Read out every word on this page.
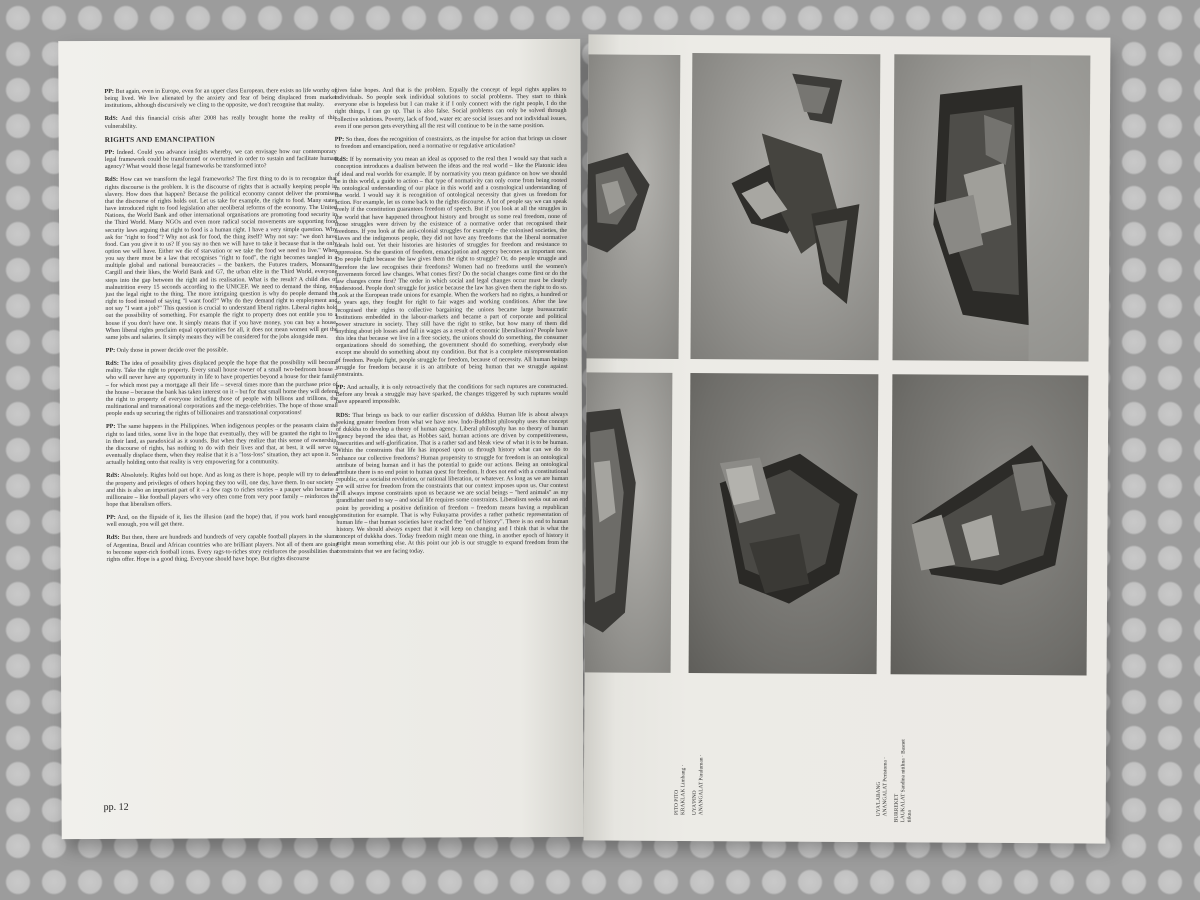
PP: But again, even in Europe, even for an upper class European, there exists no life worthy of being lived. We live alienated by the anxiety and fear of being displaced from market institutions, although discursively we cling to the opposite, we don't recognise that reality.

RdS: And this financial crisis after 2008 has really brought home the reality of this vulnerability.

RIGHTS AND EMANCIPATION

PP: Indeed. Could you advance insights whereby, we can envisage how our contemporary legal framework could be transformed or overturned in order to sustain and facilitate human agency? What would those legal frameworks be transformed into?

RdS: How can we transform the legal frameworks? The first thing to do is to recognize that rights discourse is the problem. It is the discourse of rights that is actually keeping people in slavery. How does that happen? Because the political economy cannot deliver the promises that the discourse of rights holds out. Let us take for example, the right to food. Many states have introduced right to food legislation after neoliberal reforms of the economy. The United Nations, the World Bank and other international organisations are promoting food security in the Third World. Many NGOs and even more radical social movements are supporting food security laws arguing that right to food is a human right. I have a very simple question. Why ask for "right to food"? Why not ask for food, the thing itself? Why not say: "we don't have food. Can you give it to us? If you say no then we will have to take it because that is the only option we will have. Either we die of starvation or we take the food we need to live." When you say there must be a law that recognises "right to food", the right becomes tangled in a multiple global and national bureaucracies – the bankers, the Futures traders, Monsanto, Cargill and their likes, the World Bank and G7, the urban elite in the Third World, everyone steps into the gap between the right and its realisation. What is the result? A child dies of malnutrition every 15 seconds according to the UNICEF. We need to demand the thing, not just the legal right to the thing. The more intriguing question is why do people demand the right to food instead of saying "I want food?" Why do they demand right to employment and not say "I want a job?" This question is crucial to understand liberal rights. Liberal rights hold out the possibility of something. For example the right to property does not entitle you to a house if you don't have one. It simply means that if you have money, you can buy a house. When liberal rights proclaim equal opportunities for all, it does not mean women will get the same jobs and salaries. It simply means they will be considered for the jobs alongside men.

PP: Only those in power decide over the possible.

RdS: The idea of possibility gives displaced people the hope that the possibility will become reality. Take the right to property. Every small house owner of a small two-bedroom house – who will never have any opportunity in life to have properties beyond a house for their family – for which most pay a mortgage all their life – several times more than the purchase price of the house – because the bank has taken interest on it – but for that small home they will defend the right to property of everyone including those of people with billions and trillions, the multinational and transnational corporations and the mega-celebrities. The hope of those small people ends up securing the rights of billionaires and transnational corporations!

PP: The same happens in the Philippines. When indigenous peoples or the peasants claim the right to land titles, some live in the hope that eventually, they will be granted the right to live in their land, as paradoxical as it sounds. But when they realize that this sense of ownership, the discourse of rights, has nothing to do with their lives and that, at best, it will serve to eventually displace them, when they realise that it is a "loss-loss" situation, they act upon it. So actually holding onto that reality is very empowering for a community.

RdS: Absolutely. Rights hold out hope. And as long as there is hope, people will try to defend the property and privileges of others hoping they too will, one day, have them. In our society – and this is also an important part of it – a few rags to riches stories – a pauper who became a millionaire – like football players who very often come from very poor family – reinforces the hope that liberalism offers.

PP: And, on the flipside of it, lies the illusion (and the hope) that, if you work hard enough, well enough, you will get there.

RdS: But then, there are hundreds and hundreds of very capable football players in the slums of Argentina, Brazil and African countries who are brilliant players. Not all of them are going to become super-rich football icons. Every rags-to-riches story reinforces the possibilities that rights offer. Hope is a good thing. Everyone should have hope. But rights discourse

gives false hopes. And that is the problem. Equally the concept of legal rights applies to individuals. So people seek individual solutions to social problems. They start to think everyone else is hopeless but I can make it if I only connect with the right people, I do the right things, I can go up. That is also false. Social problems can only be solved through collective solutions. Poverty, lack of food, water etc are social issues and not individual issues, even if one person gets everything all the rest will continue to be in the same position.

PP: So then, does the recognition of constraints, as the impulse for action that brings us closer to freedom and emancipation, need a normative or regulative articulation?

RdS: If by normativity you mean an ideal as opposed to the real then I would say that such a conception introduces a dualism between the ideas and the real world – like the Platonic idea of ideal and real worlds for example. If by normativity you mean guidance on how we should be in this world, a guide to action – that type of normativity can only come from being rooted in ontological understanding of our place in this world and a cosmological understanding of the world. I would say it is recognition of ontological necessity that gives us freedom for action. For example, let us come back to the rights discourse. A lot of people say we can speak freely if the constitution guarantees freedom of speech. But if you look at all the struggles in the world that have happened throughout history and brought us some real freedom, none of those struggles were driven by the existence of a normative order that recognised their freedoms. If you look at the anti-colonial struggles for example – the colonised societies, the slaves and the indigenous people, they did not have any freedoms that the liberal normative ideals hold out. Yet their histories are histories of struggles for freedom and resistance to oppression. So the question of freedom, emancipation and agency becomes an important one. Do people fight because the law gives them the right to struggle? Or, do people struggle and therefore the law recognises their freedoms? Women had no freedoms until the women's movements forced law changes. What comes first? Do the social changes come first or do the law changes come first? The order in which social and legal changes occur must be clearly understood. People don't struggle for justice because the law has given them the right to do so. Look at the European trade unions for example. When the workers had no rights, a hundred or so years ago, they fought for right to fair wages and working conditions. After the law recognised their rights to collective bargaining the unions became large bureaucratic institutions embedded in the labour-markets and became a part of corporate and political power structure in society. They still have the right to strike, but how many of them did anything about job losses and fall in wages as a result of economic liberalisation? People have this idea that because we live in a free society, the unions should do something, the consumer organizations should do something, the government should do something, everybody else except me should do something about my condition. But that is a complete misrepresentation of freedom. People fight, people struggle for freedom, because of necessity. All human beings struggle for freedom because it is an attribute of being human that we struggle against constraints.

PP: And actually, it is only retroactively that the conditions for such ruptures are constructed. Before any break a struggle may have sparked, the changes triggered by such ruptures would have appeared impossible.

RDS: That brings us back to our earlier discussion of dukkha. Human life is about always seeking greater freedom from what we have now. Indo-Buddhist philosophy uses the concept of dukkha to develop a theory of human agency. Liberal philosophy has no theory of human agency beyond the idea that, as Hobbes said, human actions are driven by competitiveness, insecurities and self-glorification. That is a rather sad and bleak view of what it is to be human. Within the constraints that life has imposed upon us through history what can we do to enhance our collective freedoms? Human propensity to struggle for freedom is an ontological attribute of being human and it has the potential to guide our actions. Being an ontological attribute there is no end point to human quest for freedom. It does not end with a constitutional republic, or a socialist revolution, or national liberation, or whatever. As long as we are human we will strive for freedom from the constraints that our context imposes upon us. Our context will always impose constraints upon us because we are social beings – "herd animals" as my grandfather used to say – and social life requires some constraints. Liberalism seeks out an end point by providing a positive definition of freedom – freedom means having a republican constitution for example. That is why Fukuyama provides a rather pathetic representation of human life – that human societies have reached the "end of history". There is no end to human history. We should always expect that it will keep on changing and I think that is what the concept of dukkha does. Today freedom might mean one thing, in another epoch of history it might mean something else. At this point our job is our struggle to expand freedom from the constraints that we are facing today.

pp. 12	PITO PITO
KRAKLAK Limbang · UYA'PINO
ANANGALAT Paraluman ·	UYA'LABANG
ANANGALAT Peristoma · BURREKET
LAUKALAT Sandina nitilina · Basnet tiikna
